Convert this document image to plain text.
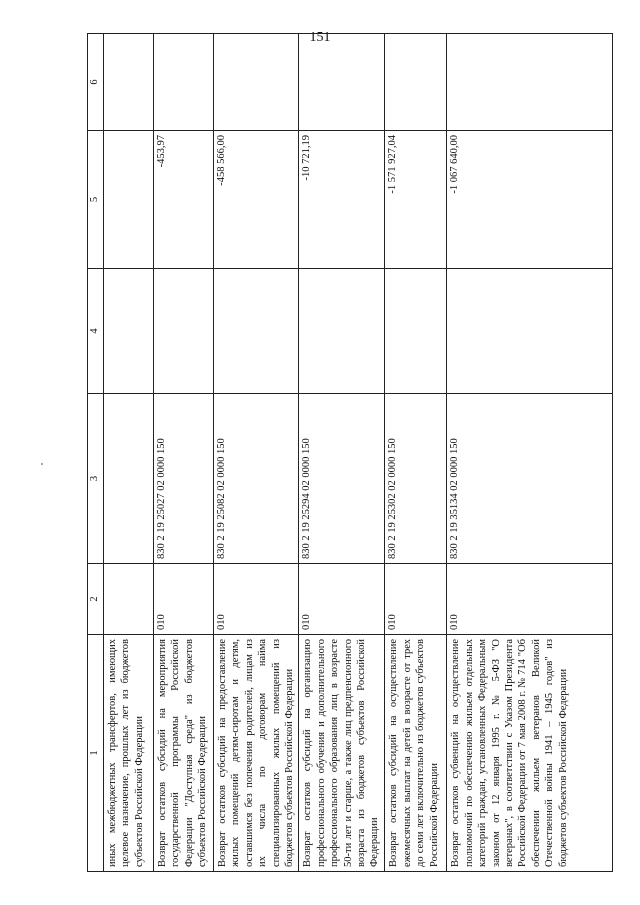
151
1	2	3	4	5	6
иных межбюджетных трансфертов, имеющих целевое назначение, прошлых лет из бюджетов субъектов Российской Федерации					
Возврат остатков субсидий на мероприятия государственной программы Российской Федерации "Доступная среда" из бюджетов субъектов Российской Федерации	010	830 2 19 25027 02 0000 150		-453,97	
Возврат остатков субсидий на предоставление жилых помещений детям-сиротам и детям, оставшимся без попечения родителей, лицам из их числа по договорам найма специализированных жилых помещений из бюджетов субъектов Российской Федерации	010	830 2 19 25082 02 0000 150		-458 566,00	
Возврат остатков субсидий на организацию профессионального обучения и дополнительного профессионального образования лиц в возрасте 50-ти лет и старше, а также лиц предпенсионного возраста из бюджетов субъектов Российской Федерации	010	830 2 19 25294 02 0000 150		-10 721,19	
Возврат остатков субсидий на осуществление ежемесячных выплат на детей в возрасте от трех до семи лет включительно из бюджетов субъектов Российской Федерации	010	830 2 19 25302 02 0000 150		-1 571 927,04	
Возврат остатков субвенций на осуществление полномочий по обеспечению жильем отдельных категорий граждан, установленных Федеральным законом от 12 января 1995 г. № 5-ФЗ "О ветеранах", в соответствии с Указом Президента Российской Федерации от 7 мая 2008 г. № 714 "Об обеспечении жильем ветеранов Великой Отечественной войны 1941 – 1945 годов" из бюджетов субъектов Российской Федерации	010	830 2 19 35134 02 0000 150		-1 067 640,00	
